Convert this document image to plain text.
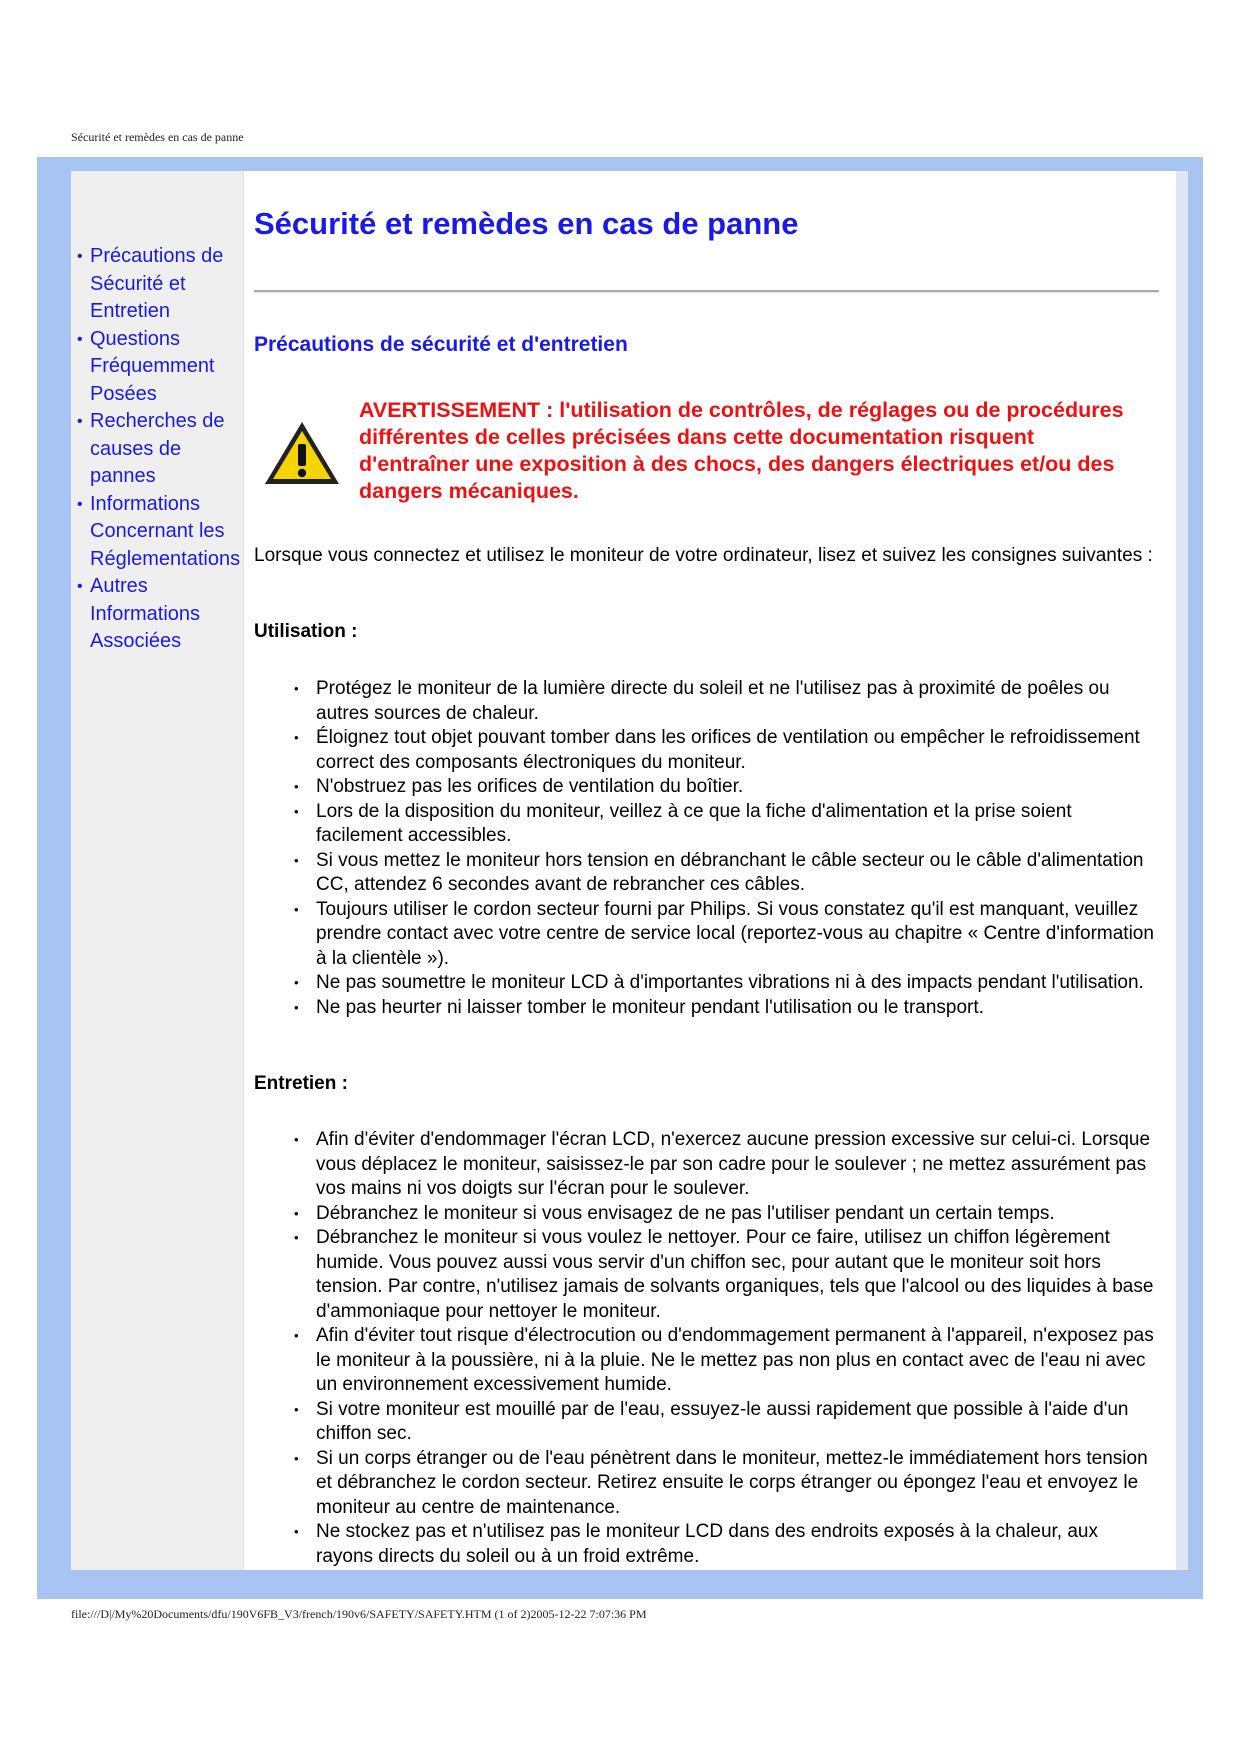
Sécurité et remèdes en cas de panne
• Précautions de Sécurité et Entretien
• Questions Fréquemment Posées
• Recherches de causes de pannes
• Informations Concernant les Réglementations
• Autres Informations Associées
Sécurité et remèdes en cas de panne
Précautions de sécurité et d'entretien
AVERTISSEMENT : l'utilisation de contrôles, de réglages ou de procédures différentes de celles précisées dans cette documentation risquent d'entraîner une exposition à des chocs, des dangers électriques et/ou des dangers mécaniques.
Lorsque vous connectez et utilisez le moniteur de votre ordinateur, lisez et suivez les consignes suivantes :
Utilisation :
• Protégez le moniteur de la lumière directe du soleil et ne l'utilisez pas à proximité de poêles ou autres sources de chaleur.
• Éloignez tout objet pouvant tomber dans les orifices de ventilation ou empêcher le refroidissement correct des composants électroniques du moniteur.
• N'obstruez pas les orifices de ventilation du boîtier.
• Lors de la disposition du moniteur, veillez à ce que la fiche d'alimentation et la prise soient facilement accessibles.
• Si vous mettez le moniteur hors tension en débranchant le câble secteur ou le câble d'alimentation CC, attendez 6 secondes avant de rebrancher ces câbles.
• Toujours utiliser le cordon secteur fourni par Philips. Si vous constatez qu'il est manquant, veuillez prendre contact avec votre centre de service local (reportez-vous au chapitre « Centre d'information à la clientèle »).
• Ne pas soumettre le moniteur LCD à d'importantes vibrations ni à des impacts pendant l'utilisation.
• Ne pas heurter ni laisser tomber le moniteur pendant l'utilisation ou le transport.
Entretien :
• Afin d'éviter d'endommager l'écran LCD, n'exercez aucune pression excessive sur celui-ci. Lorsque vous déplacez le moniteur, saisissez-le par son cadre pour le soulever ; ne mettez assurément pas vos mains ni vos doigts sur l'écran pour le soulever.
• Débranchez le moniteur si vous envisagez de ne pas l'utiliser pendant un certain temps.
• Débranchez le moniteur si vous voulez le nettoyer. Pour ce faire, utilisez un chiffon légèrement humide. Vous pouvez aussi vous servir d'un chiffon sec, pour autant que le moniteur soit hors tension. Par contre, n'utilisez jamais de solvants organiques, tels que l'alcool ou des liquides à base d'ammoniaque pour nettoyer le moniteur.
• Afin d'éviter tout risque d'électrocution ou d'endommagement permanent à l'appareil, n'exposez pas le moniteur à la poussière, ni à la pluie. Ne le mettez pas non plus en contact avec de l'eau ni avec un environnement excessivement humide.
• Si votre moniteur est mouillé par de l'eau, essuyez-le aussi rapidement que possible à l'aide d'un chiffon sec.
• Si un corps étranger ou de l'eau pénètrent dans le moniteur, mettez-le immédiatement hors tension et débranchez le cordon secteur. Retirez ensuite le corps étranger ou épongez l'eau et envoyez le moniteur au centre de maintenance.
• Ne stockez pas et n'utilisez pas le moniteur LCD dans des endroits exposés à la chaleur, aux rayons directs du soleil ou à un froid extrême.
file:///D|/My%20Documents/dfu/190V6FB_V3/french/190v6/SAFETY/SAFETY.HTM (1 of 2)2005-12-22 7:07:36 PM
